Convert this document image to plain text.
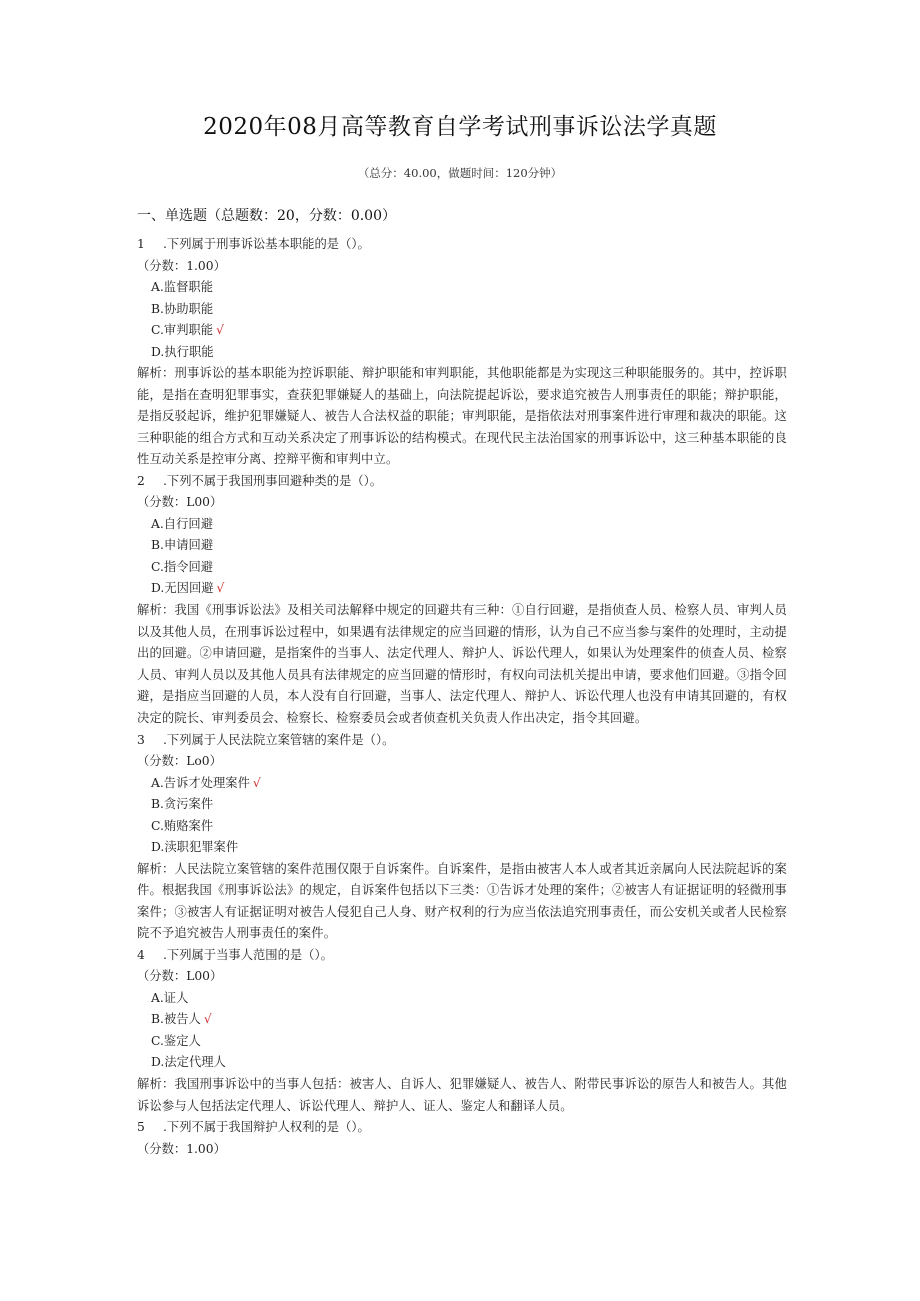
2020年08月高等教育自学考试刑事诉讼法学真题
（总分：40.00，做题时间：120分钟）
一、单选题（总题数：20，分数：0.00）
1 .下列属于刑事诉讼基本职能的是（）。
（分数：1.00）
A.监督职能
B.协助职能
C.审判职能 √
D.执行职能
解析：刑事诉讼的基本职能为控诉职能、辩护职能和审判职能，其他职能都是为实现这三种职能服务的。其中，控诉职能，是指在查明犯罪事实，查获犯罪嫌疑人的基础上，向法院提起诉讼，要求追究被告人刑事责任的职能；辩护职能，是指反驳起诉，维护犯罪嫌疑人、被告人合法权益的职能；审判职能，是指依法对刑事案件进行审理和裁决的职能。这三种职能的组合方式和互动关系决定了刑事诉讼的结构模式。在现代民主法治国家的刑事诉讼中，这三种基本职能的良性互动关系是控审分离、控辩平衡和审判中立。
2 .下列不属于我国刑事回避种类的是（）。
（分数：L00）
A.自行回避
B.申请回避
C.指令回避
D.无因回避 √
解析：我国《刑事诉讼法》及相关司法解释中规定的回避共有三种：①自行回避，是指侦查人员、检察人员、审判人员以及其他人员，在刑事诉讼过程中，如果遇有法律规定的应当回避的情形，认为自己不应当参与案件的处理时，主动提出的回避。②申请回避，是指案件的当事人、法定代理人、辩护人、诉讼代理人，如果认为处理案件的侦查人员、检察人员、审判人员以及其他人员具有法律规定的应当回避的情形时，有权向司法机关提出申请，要求他们回避。③指令回避，是指应当回避的人员，本人没有自行回避，当事人、法定代理人、辩护人、诉讼代理人也没有申请其回避的，有权决定的院长、审判委员会、检察长、检察委员会或者侦查机关负责人作出决定，指令其回避。
3 .下列属于人民法院立案管辖的案件是（）。
（分数：Lo0）
A.告诉才处理案件 √
B.贪污案件
C.贿赂案件
D.渎职犯罪案件
解析：人民法院立案管辖的案件范围仅限于自诉案件。自诉案件，是指由被害人本人或者其近亲属向人民法院起诉的案件。根据我国《刑事诉讼法》的规定，自诉案件包括以下三类：①告诉才处理的案件；②被害人有证据证明的轻微刑事案件；③被害人有证据证明对被告人侵犯自己人身、财产权利的行为应当依法追究刑事责任，而公安机关或者人民检察院不予追究被告人刑事责任的案件。
4 .下列属于当事人范围的是（）。
（分数：L00）
A.证人
B.被告人 √
C.鉴定人
D.法定代理人
解析：我国刑事诉讼中的当事人包括：被害人、自诉人、犯罪嫌疑人、被告人、附带民事诉讼的原告人和被告人。其他诉讼参与人包括法定代理人、诉讼代理人、辩护人、证人、鉴定人和翻译人员。
5 .下列不属于我国辩护人权利的是（）。
（分数：1.00）
